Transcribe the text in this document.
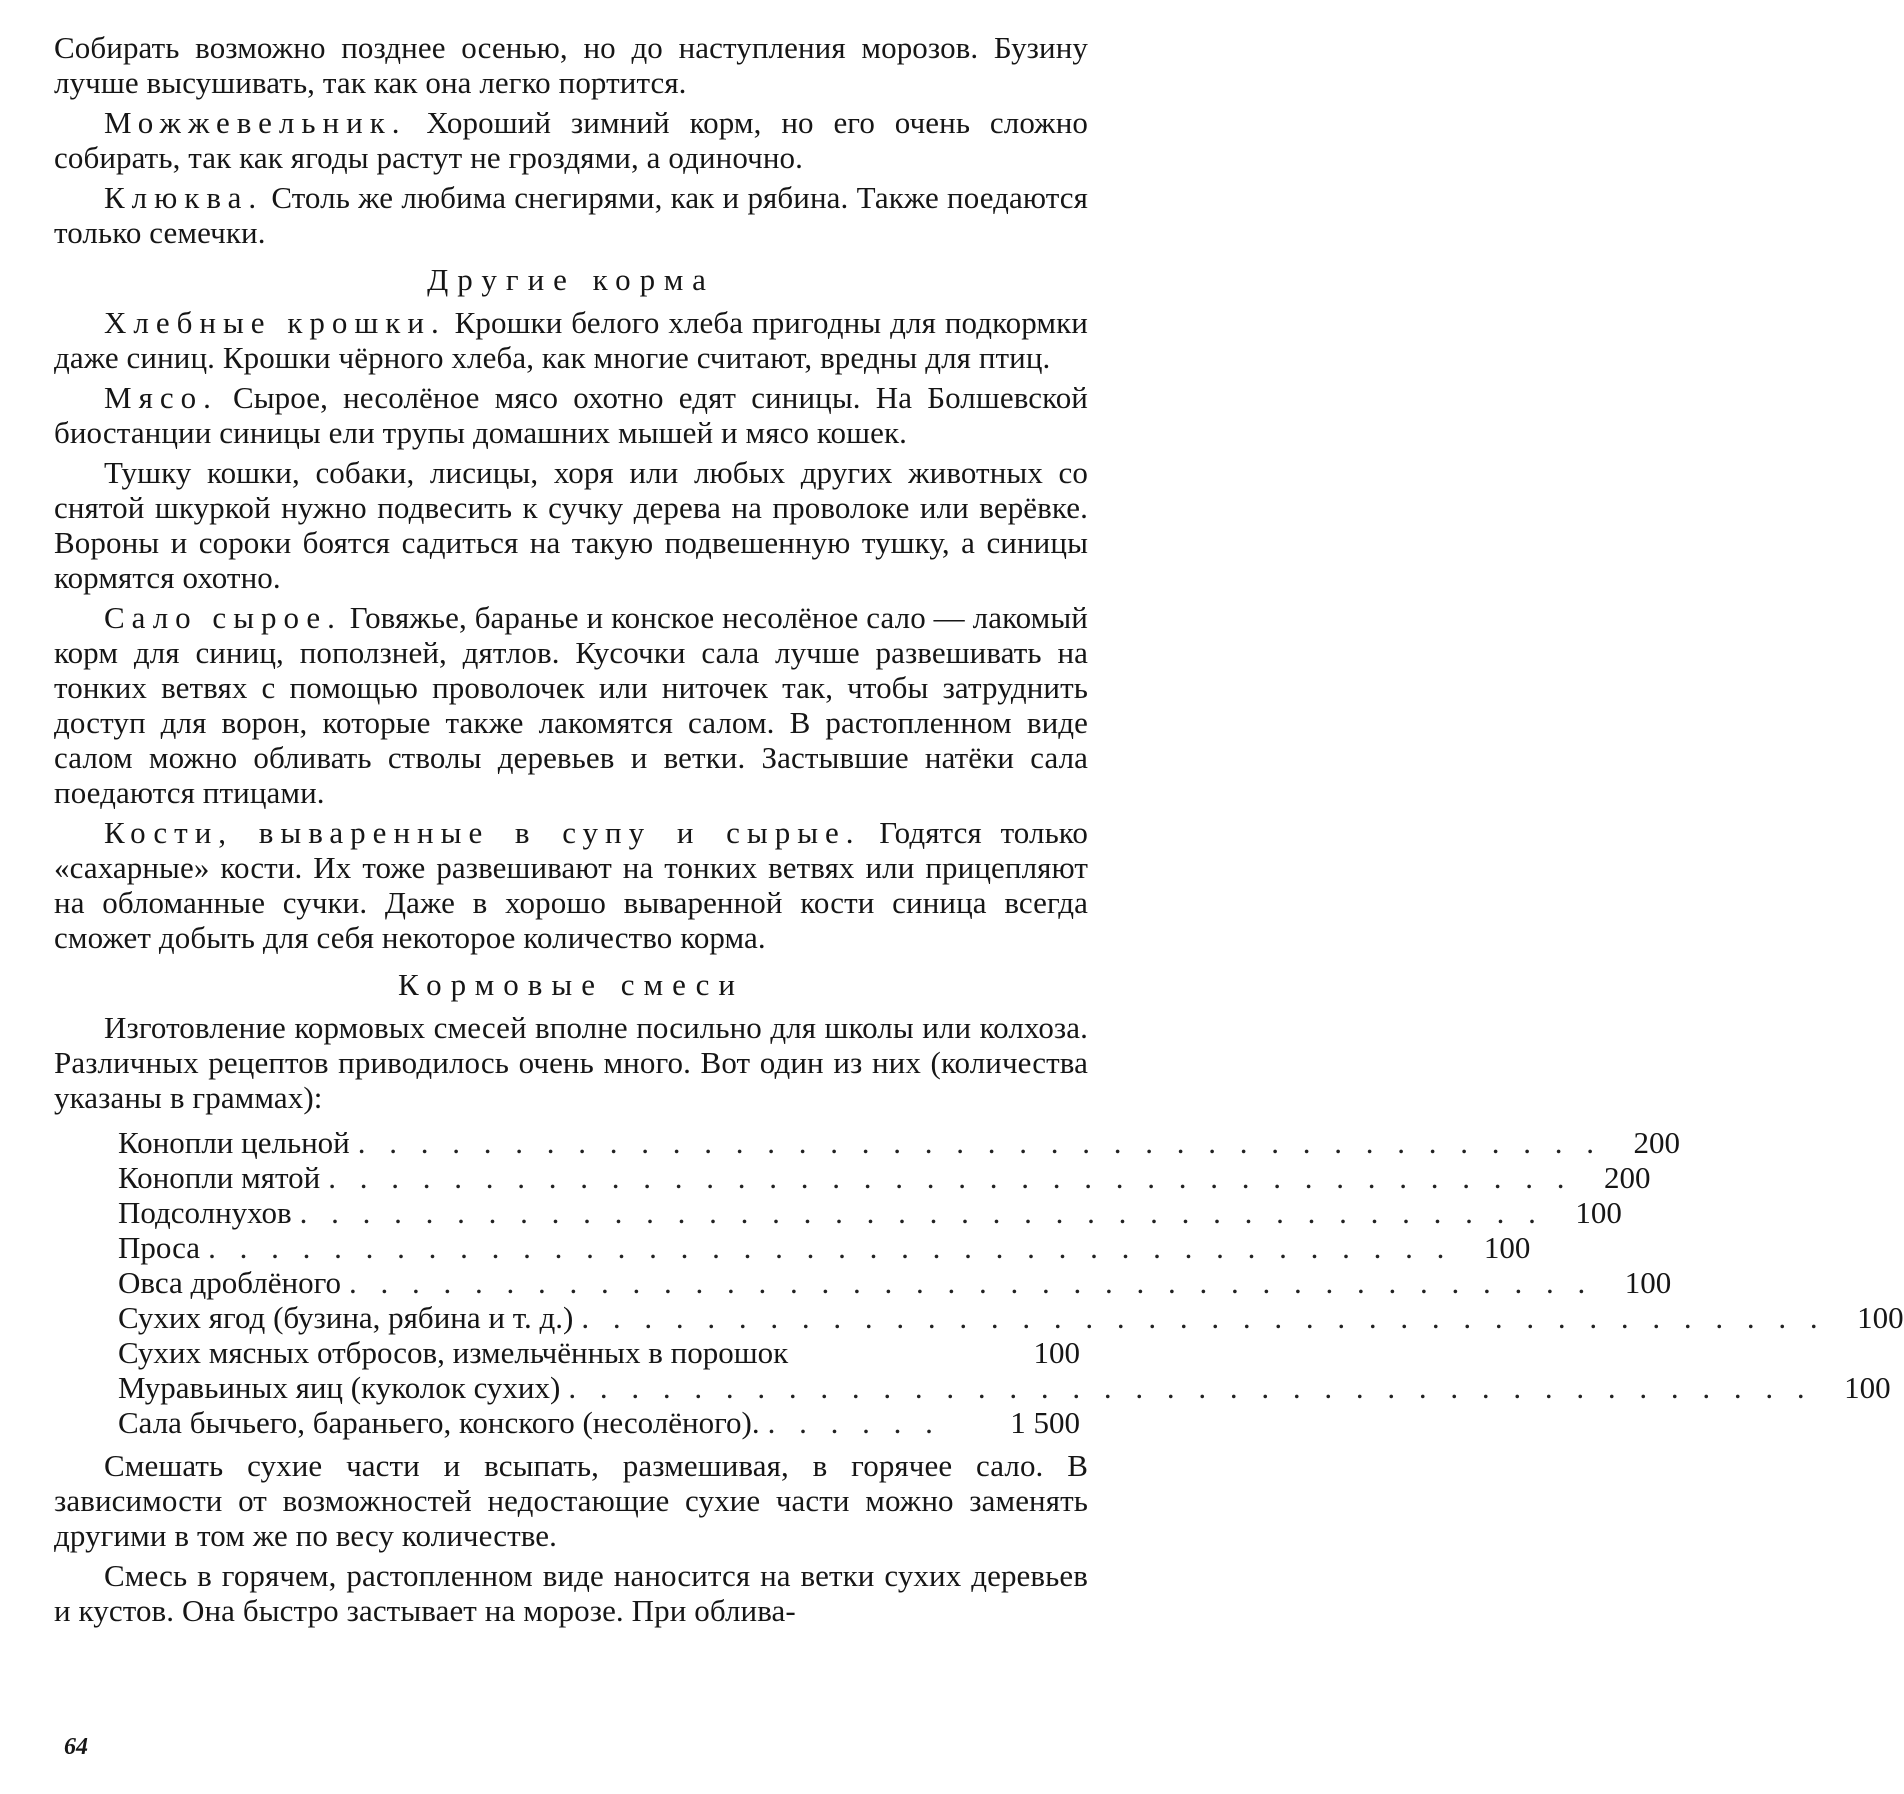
Собирать возможно позднее осенью, но до наступления морозов. Бузину лучше высушивать, так как она легко портится.

Можжевельник. Хороший зимний корм, но его очень сложно собирать, так как ягоды растут не гроздями, а одиночно.

Клюква. Столь же любима снегирями, как и рябина. Также поедаются только семечки.

Другие корма

Хлебные крошки. Крошки белого хлеба пригодны для подкормки даже синиц. Крошки чёрного хлеба, как многие считают, вредны для птиц.

Мясо. Сырое, несолёное мясо охотно едят синицы. На Болшевской биостанции синицы ели трупы домашних мышей и мясо кошек.

Тушку кошки, собаки, лисицы, хоря или любых других животных со снятой шкуркой нужно подвесить к сучку дерева на проволоке или верёвке. Вороны и сороки боятся садиться на такую подвешенную тушку, а синицы кормятся охотно.

Сало сырое. Говяжье, баранье и конское несолёное сало — лакомый корм для синиц, поползней, дятлов. Кусочки сала лучше развешивать на тонких ветвях с помощью проволочек или ниточек так, чтобы затруднить доступ для ворон, которые также лакомятся салом. В растопленном виде салом можно обливать стволы деревьев и ветки. Застывшие натёки сала поедаются птицами.

Кости, вываренные в супу и сырые. Годятся только «сахарные» кости. Их тоже развешивают на тонких ветвях или прицепляют на обломанные сучки. Даже в хорошо вываренной кости синица всегда сможет добыть для себя некоторое количество корма.

Кормовые смеси

Изготовление кормовых смесей вполне посильно для школы или колхоза. Различных рецептов приводилось очень много. Вот один из них (количества указаны в граммах):

Конопли цельной . . . . . . . . . . . . . . . . . . . . . . . . . . . . . . . . . . . . . . . .	200
Конопли мятой . . . . . . . . . . . . . . . . . . . . . . . . . . . . . . . . . . . . . . . .	200
Подсолнухов . . . . . . . . . . . . . . . . . . . . . . . . . . . . . . . . . . . . . . . .	100
Проса . . . . . . . . . . . . . . . . . . . . . . . . . . . . . . . . . . . . . . . .	100
Овса дроблёного . . . . . . . . . . . . . . . . . . . . . . . . . . . . . . . . . . . . . . . .	100
Сухих ягод (бузина, рябина и т. д.) . . . . . . . . . . . . . . . . . . . . . . . . . . . . . . . . . . . . . . . .	100
Сухих мясных отбросов, измельчённых в порошок	100
Муравьиных яиц (куколок сухих) . . . . . . . . . . . . . . . . . . . . . . . . . . . . . . . . . . . . . . . .	100
Сала бычьего, бараньего, конского (несолёного). . . . . . .	1 500

Смешать сухие части и всыпать, размешивая, в горячее сало. В зависимости от возможностей недостающие сухие части можно заменять другими в том же по весу количестве.

Смесь в горячем, растопленном виде наносится на ветки сухих деревьев и кустов. Она быстро застывает на морозе. При облива-

64
